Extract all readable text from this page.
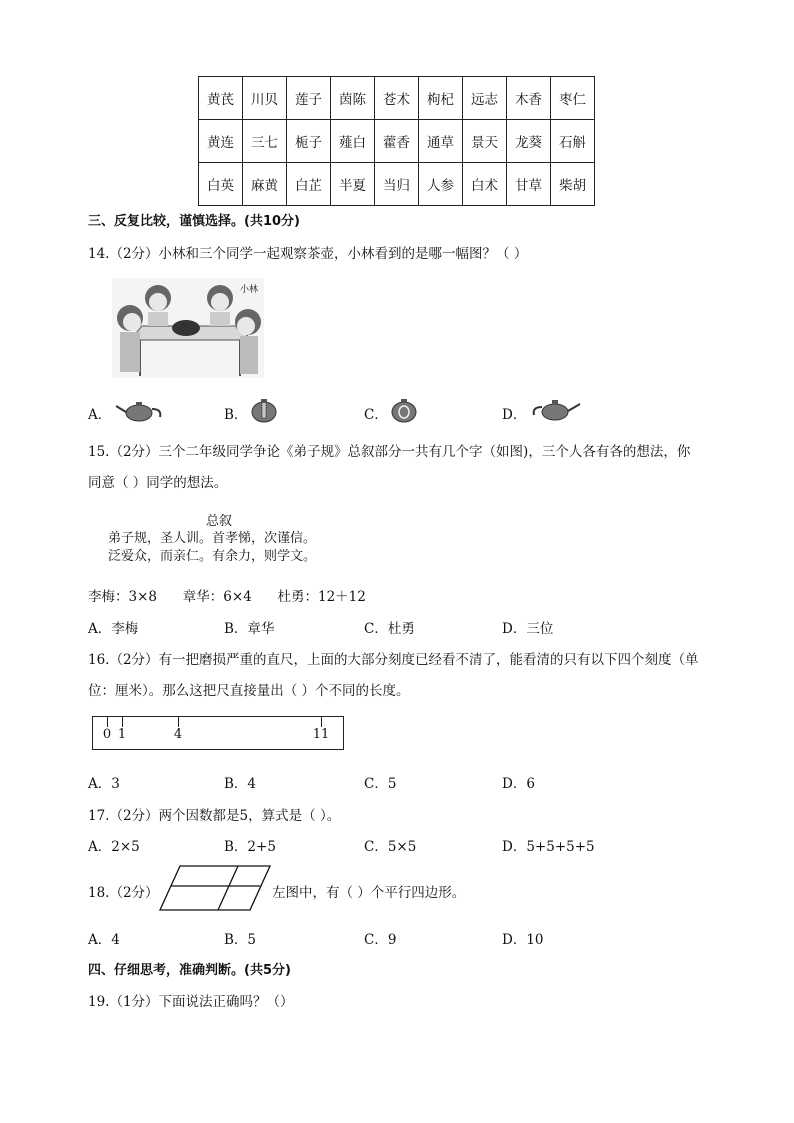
黄芪	川贝	莲子	茵陈	苍术	枸杞	远志	木香	枣仁
黄连	三七	栀子	薤白	藿香	通草	景天	龙葵	石斛
白英	麻黄	白芷	半夏	当归	人参	白术	甘草	柴胡
三、反复比较，谨慎选择。(共10分)
14.（2分）小林和三个同学一起观察茶壶，小林看到的是哪一幅图？（ ）
小林
A．	B．	C．	D．
15.（2分）三个二年级同学争论《弟子规》总叙部分一共有几个字（如图)，三个人各有各的想法，你
同意（ ）同学的想法。
总叙
弟子规，圣人训。首孝悌，次谨信。
泛爱众，而亲仁。有余力，则学文。
李梅：3×8      章华：6×4      杜勇：12＋12
A．李梅	B．章华	C．杜勇	D．三位
16.（2分）有一把磨损严重的直尺，上面的大部分刻度已经看不清了，能看清的只有以下四个刻度（单
位：厘米）。那么这把尺直接量出（ ）个不同的长度。
0 1	4	11
A．3	B．4	C．5	D．6
17.（2分）两个因数都是5，算式是（ ）。
A．2×5	B．2+5	C．5×5	D．5+5+5+5
18.（2分）	左图中，有（ ）个平行四边形。
A．4	B．5	C．9	D．10
四、仔细思考，准确判断。(共5分)
19.（1分）下面说法正确吗？（）
